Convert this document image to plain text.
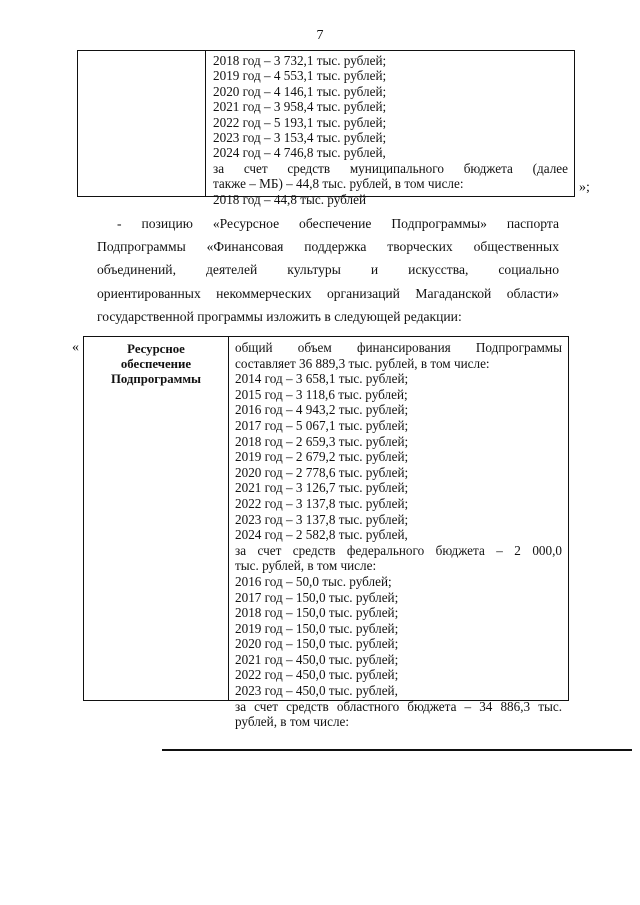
7
2018 год – 3 732,1 тыс. рублей;
2019 год – 4 553,1 тыс. рублей;
2020 год – 4 146,1 тыс. рублей;
2021 год – 3 958,4 тыс. рублей;
2022 год – 5 193,1 тыс. рублей;
2023 год – 3 153,4 тыс. рублей;
2024 год – 4 746,8 тыс. рублей,
за счет средств муниципального бюджета (далее
также – МБ) – 44,8 тыс. рублей, в том числе:
2018 год – 44,8 тыс. рублей
»;
- позицию «Ресурсное обеспечение Подпрограммы» паспорта
Подпрограммы «Финансовая поддержка творческих общественных
объединений, деятелей культуры и искусства, социально
ориентированных некоммерческих организаций Магаданской области»
государственной программы изложить в следующей редакции:
«	Ресурсное
обеспечение
Подпрограммы
общий объем финансирования Подпрограммы
составляет 36 889,3 тыс. рублей, в том числе:
2014 год – 3 658,1 тыс. рублей;
2015 год – 3 118,6 тыс. рублей;
2016 год – 4 943,2 тыс. рублей;
2017 год – 5 067,1 тыс. рублей;
2018 год – 2 659,3 тыс. рублей;
2019 год – 2 679,2 тыс. рублей;
2020 год – 2 778,6 тыс. рублей;
2021 год – 3 126,7 тыс. рублей;
2022 год – 3 137,8 тыс. рублей;
2023 год – 3 137,8 тыс. рублей;
2024 год – 2 582,8 тыс. рублей,
за счет средств федерального бюджета – 2 000,0
тыс. рублей, в том числе:
2016 год – 50,0 тыс. рублей;
2017 год – 150,0 тыс. рублей;
2018 год – 150,0 тыс. рублей;
2019 год – 150,0 тыс. рублей;
2020 год – 150,0 тыс. рублей;
2021 год – 450,0 тыс. рублей;
2022 год – 450,0 тыс. рублей;
2023 год – 450,0 тыс. рублей,
за счет средств областного бюджета – 34 886,3 тыс.
рублей, в том числе:
